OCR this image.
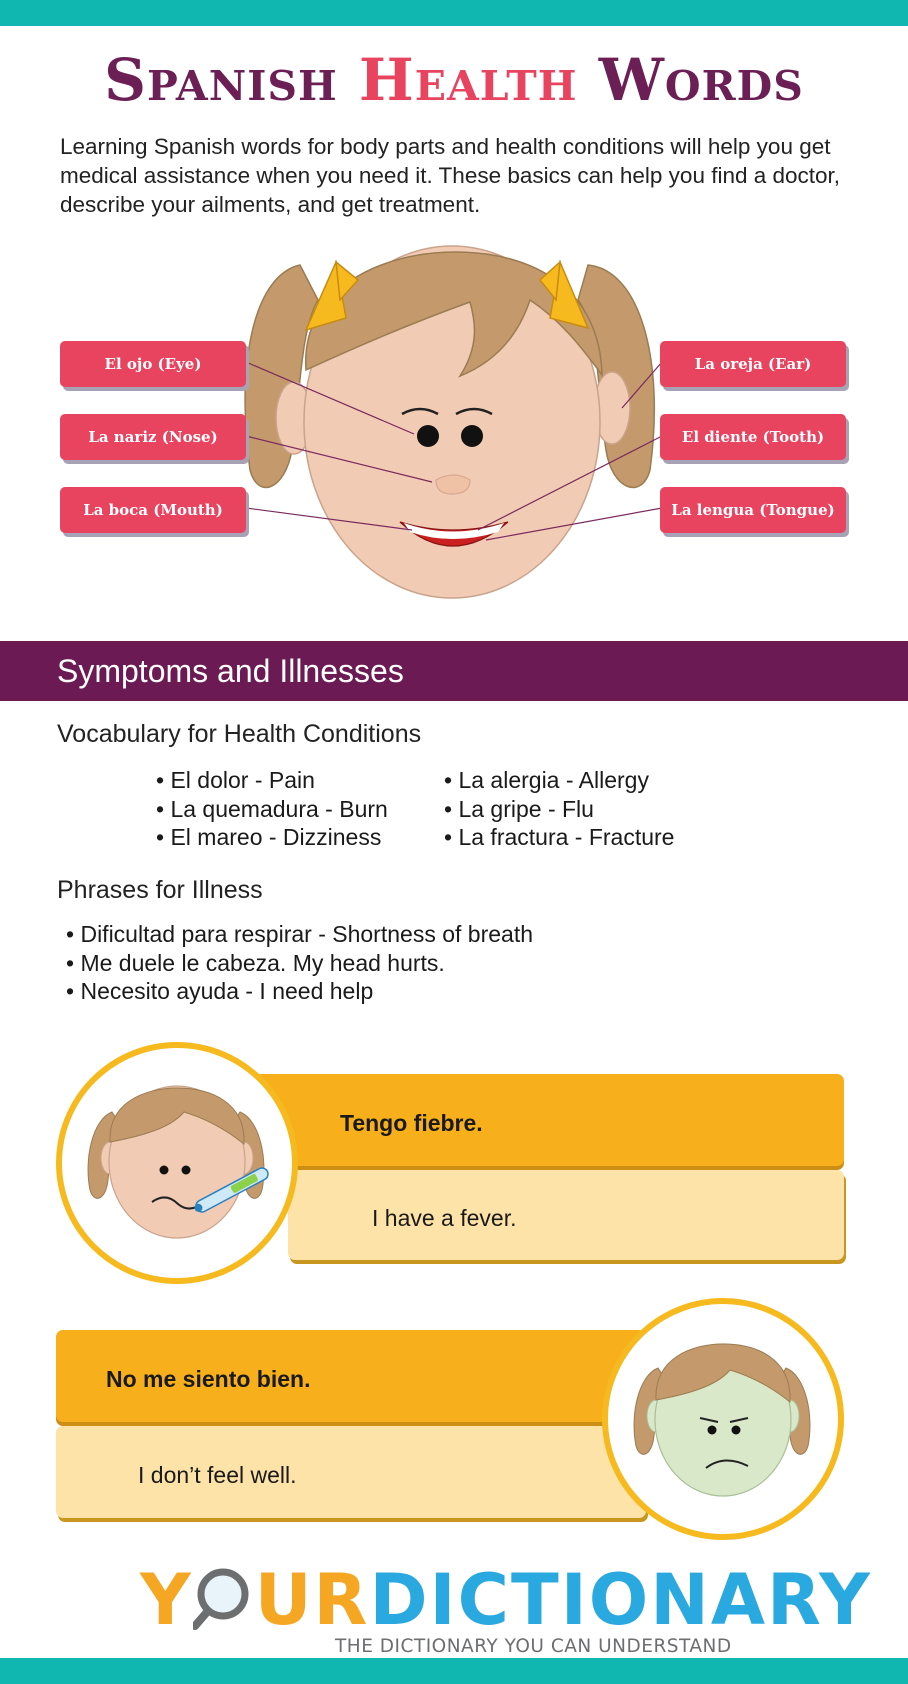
Spanish Health Words
Learning Spanish words for body parts and health conditions will help you get medical assistance when you need it. These basics can help you find a doctor, describe your ailments, and get treatment.
El ojo (Eye)
La nariz (Nose)
La boca (Mouth)
La oreja (Ear)
El diente (Tooth)
La lengua (Tongue)
Symptoms and Illnesses
Vocabulary for Health Conditions
• El dolor - Pain
• La quemadura - Burn
• El mareo - Dizziness
• La alergia - Allergy
• La gripe - Flu
• La fractura - Fracture
Phrases for Illness
• Dificultad para respirar - Shortness of breath
• Me duele le cabeza. My head hurts.
• Necesito ayuda - I need help
Tengo fiebre.
I have a fever.
No me siento bien.
I don’t feel well.
Y URDICTIONARY
THE DICTIONARY YOU CAN UNDERSTAND
